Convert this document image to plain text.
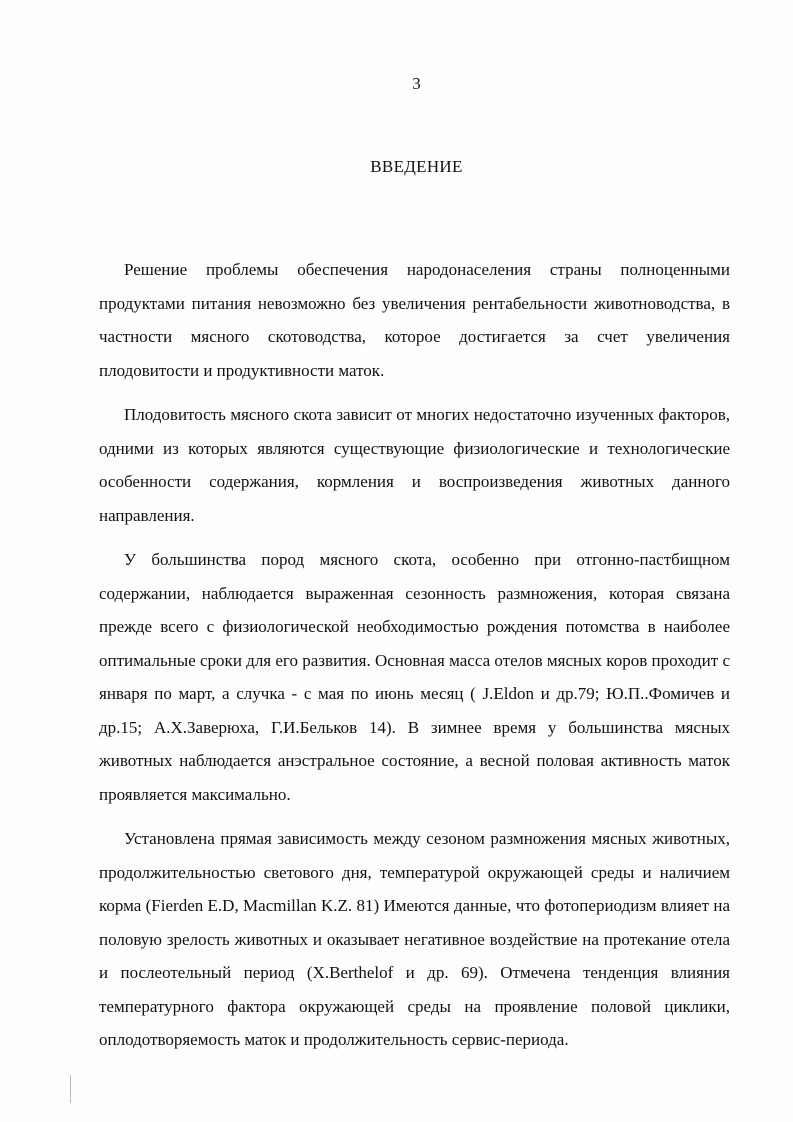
3
ВВЕДЕНИЕ

Решение проблемы обеспечения народонаселения страны полноценными продуктами питания невозможно без увеличения рентабельности животноводства, в частности мясного скотоводства, которое достигается за счет увеличения плодовитости и продуктивности маток.

Плодовитость мясного скота зависит от многих недостаточно изученных факторов, одними из которых являются существующие физиологические и технологические особенности содержания, кормления и воспроизведения животных данного направления.

У большинства пород мясного скота, особенно при отгонно-пастбищном содержании, наблюдается выраженная сезонность размножения, которая связана прежде всего с физиологической необходимостью рождения потомства в наиболее оптимальные сроки для его развития. Основная масса отелов мясных коров проходит с января по март, а случка - с мая по июнь месяц ( J.Eldon и др.79; Ю.П..Фомичев и др.15; А.Х.Заверюха, Г.И.Бельков 14). В зимнее время у большинства мясных животных наблюдается анэстральное состояние, а весной половая активность маток проявляется максимально.

Установлена прямая зависимость между сезоном размножения мясных животных, продолжительностью светового дня, температурой окружающей среды и наличием корма (Fierden E.D, Macmillan K.Z. 81) Имеются данные, что фотопериодизм влияет на половую зрелость животных и оказывает негативное воздействие на протекание отела и послеотельный период (X.Berthelof и др. 69). Отмечена тенденция влияния температурного фактора окружающей среды на проявление половой циклики, оплодотворяемость маток и продолжительность сервис-периода.
